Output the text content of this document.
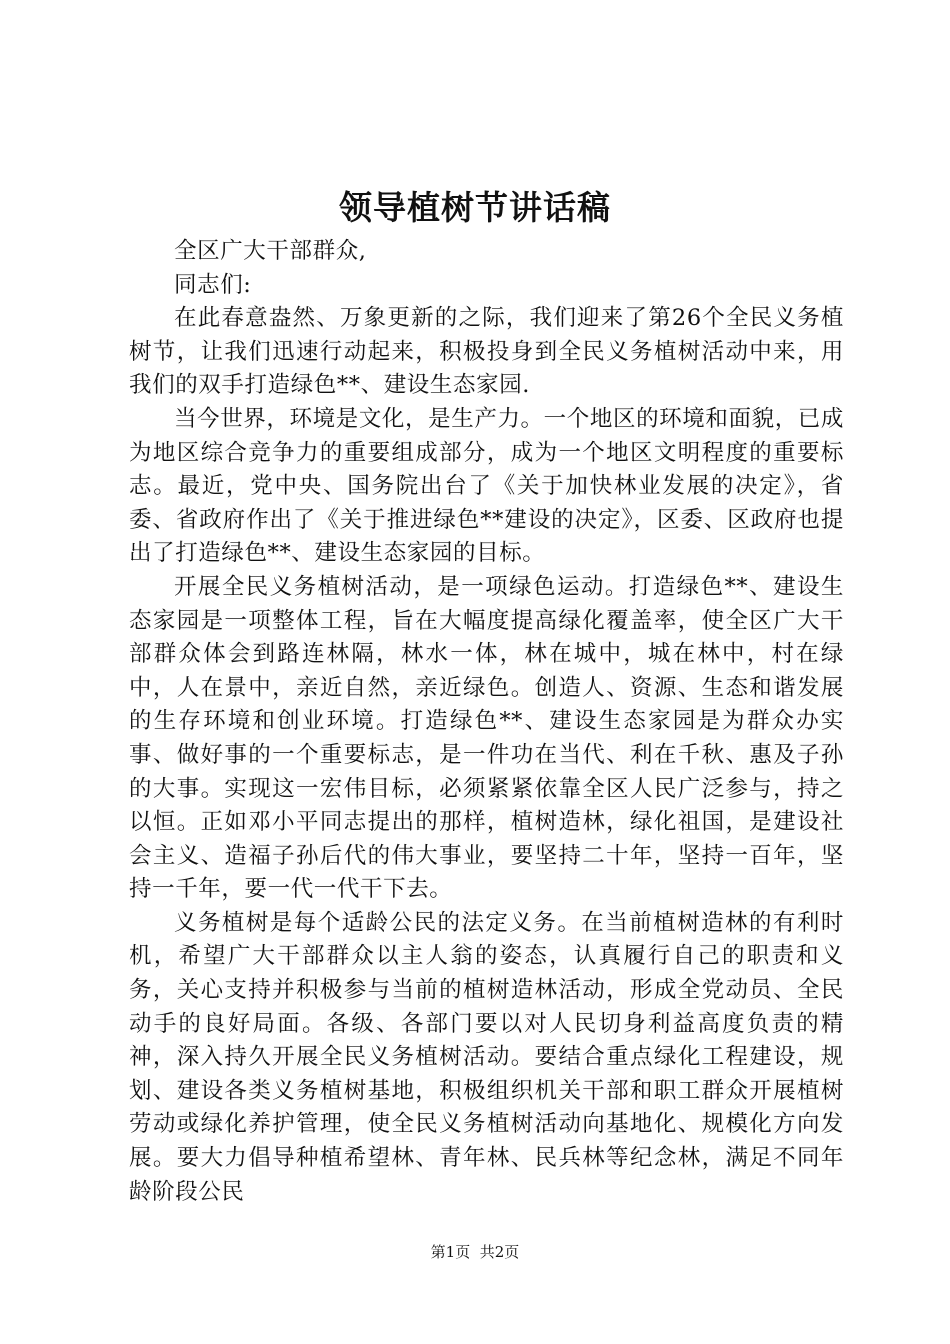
领导植树节讲话稿

全区广大干部群众,

同志们:

在此春意盎然、万象更新的之际，我们迎来了第26个全民义务植树节，让我们迅速行动起来，积极投身到全民义务植树活动中来，用我们的双手打造绿色**、建设生态家园.

当今世界，环境是文化，是生产力。一个地区的环境和面貌，已成为地区综合竞争力的重要组成部分，成为一个地区文明程度的重要标志。最近，党中央、国务院出台了《关于加快林业发展的决定》，省委、省政府作出了《关于推进绿色**建设的决定》，区委、区政府也提出了打造绿色**、建设生态家园的目标。

开展全民义务植树活动，是一项绿色运动。打造绿色**、建设生态家园是一项整体工程，旨在大幅度提高绿化覆盖率，使全区广大干部群众体会到路连林隔，林水一体，林在城中，城在林中，村在绿中，人在景中，亲近自然，亲近绿色。创造人、资源、生态和谐发展的生存环境和创业环境。打造绿色**、建设生态家园是为群众办实事、做好事的一个重要标志，是一件功在当代、利在千秋、惠及子孙的大事。实现这一宏伟目标，必须紧紧依靠全区人民广泛参与，持之以恒。正如邓小平同志提出的那样，植树造林，绿化祖国，是建设社会主义、造福子孙后代的伟大事业，要坚持二十年，坚持一百年，坚持一千年，要一代一代干下去。

义务植树是每个适龄公民的法定义务。在当前植树造林的有利时机，希望广大干部群众以主人翁的姿态，认真履行自己的职责和义务，关心支持并积极参与当前的植树造林活动，形成全党动员、全民动手的良好局面。各级、各部门要以对人民切身利益高度负责的精神，深入持久开展全民义务植树活动。要结合重点绿化工程建设，规划、建设各类义务植树基地，积极组织机关干部和职工群众开展植树劳动或绿化养护管理，使全民义务植树活动向基地化、规模化方向发展。要大力倡导种植希望林、青年林、民兵林等纪念林，满足不同年龄阶段公民

第1页 共2页
